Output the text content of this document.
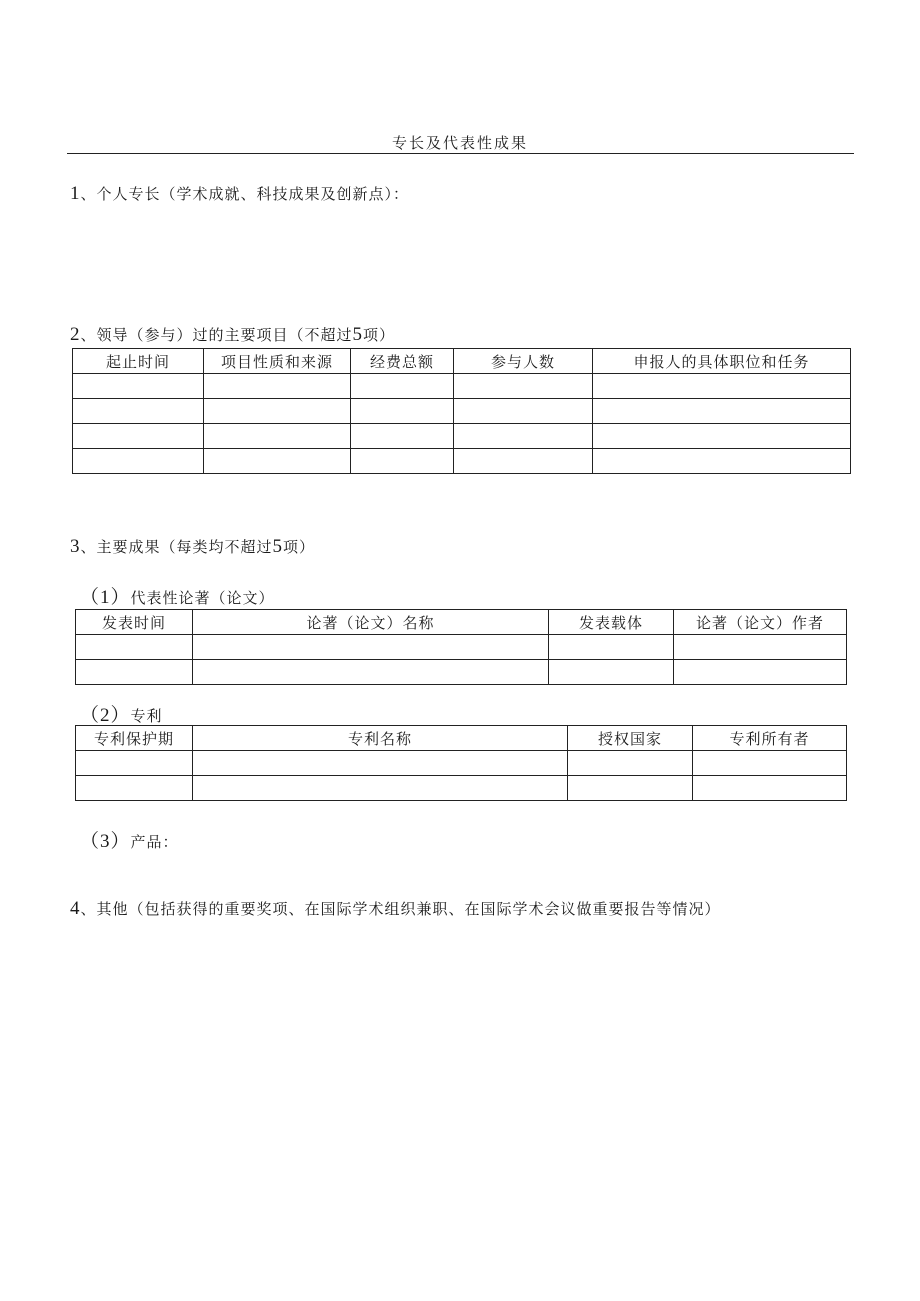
专长及代表性成果
1、个人专长（学术成就、科技成果及创新点）：
2、领导（参与）过的主要项目（不超过5项）
起止时间	项目性质和来源	经费总额	参与人数	申报人的具体职位和任务

3、主要成果（每类均不超过5项）
（1）代表性论著（论文）
发表时间	论著（论文）名称	发表载体	论著（论文）作者

（2）专利
专利保护期	专利名称	授权国家	专利所有者

（3）产品：
4、其他（包括获得的重要奖项、在国际学术组织兼职、在国际学术会议做重要报告等情况）
